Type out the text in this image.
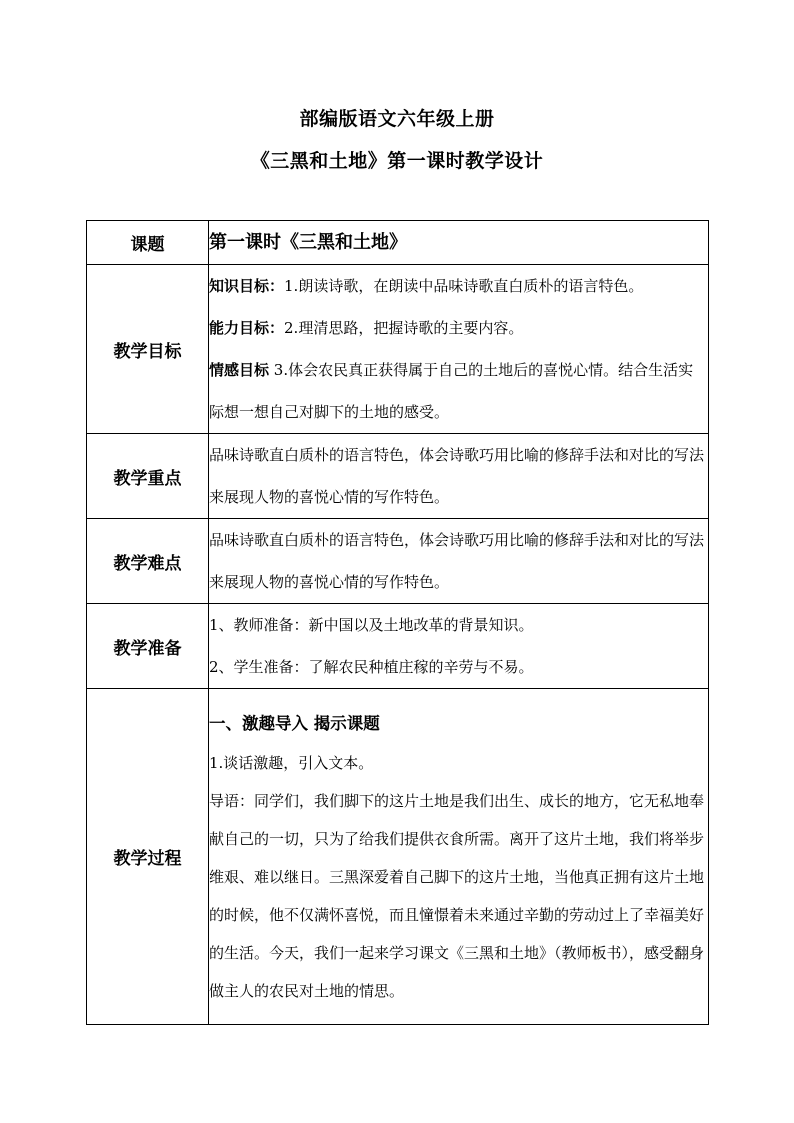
部编版语文六年级上册
《三黑和土地》第一课时教学设计
课题	第一课时《三黑和土地》

教学目标	知识目标：1.朗读诗歌，在朗读中品味诗歌直白质朴的语言特色。
能力目标：2.理清思路，把握诗歌的主要内容。
情感目标 3.体会农民真正获得属于自己的土地后的喜悦心情。结合生活实际想一想自己对脚下的土地的感受。

教学重点	品味诗歌直白质朴的语言特色，体会诗歌巧用比喻的修辞手法和对比的写法来展现人物的喜悦心情的写作特色。

教学难点	品味诗歌直白质朴的语言特色，体会诗歌巧用比喻的修辞手法和对比的写法来展现人物的喜悦心情的写作特色。

教学准备	1、教师准备：新中国以及土地改革的背景知识。
2、学生准备：了解农民种植庄稼的辛劳与不易。

教学过程	一、激趣导入 揭示课题
1.谈话激趣，引入文本。
导语：同学们，我们脚下的这片土地是我们出生、成长的地方，它无私地奉献自己的一切，只为了给我们提供衣食所需。离开了这片土地，我们将举步维艰、难以继日。三黑深爱着自己脚下的这片土地，当他真正拥有这片土地的时候，他不仅满怀喜悦，而且憧憬着未来通过辛勤的劳动过上了幸福美好的生活。今天，我们一起来学习课文《三黑和土地》（教师板书），感受翻身做主人的农民对土地的情思。
